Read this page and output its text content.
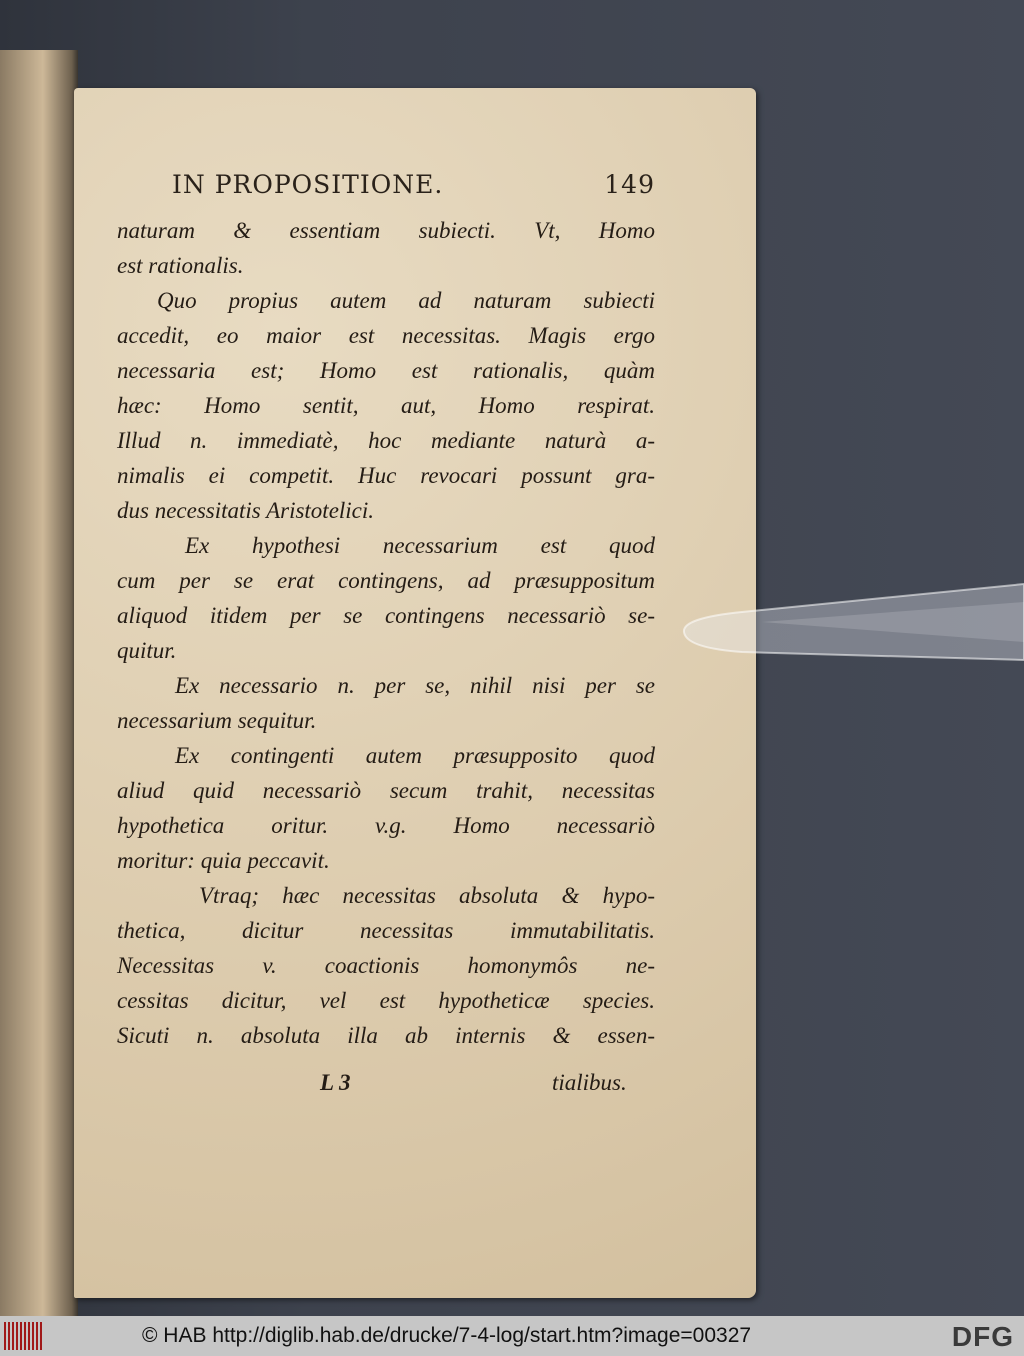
IN PROPOSITIONE.	149
naturam & essentiam subiecti. Vt, Homo
est rationalis.
Quo propius autem ad naturam subiecti
accedit, eo maior est necessitas. Magis ergo
necessaria est; Homo est rationalis, quàm
hæc: Homo sentit, aut, Homo respirat.
Illud n. immediatè, hoc mediante naturà a-
nimalis ei competit. Huc revocari possunt gra-
dus necessitatis Aristotelici.
Ex hypothesi necessarium est quod
cum per se erat contingens, ad præsuppositum
aliquod itidem per se contingens necessariò se-
quitur.
Ex necessario n. per se, nihil nisi per se
necessarium sequitur.
Ex contingenti autem præsupposito quod
aliud quid necessariò secum trahit, necessitas
hypothetica oritur. v.g. Homo necessariò
moritur: quia peccavit.
Vtraq; hæc necessitas absoluta & hypo-
thetica, dicitur necessitas immutabilitatis.
Necessitas v. coactionis homonymôs ne-
cessitas dicitur, vel est hypotheticæ species.
Sicuti n. absoluta illa ab internis & essen-
L 3	tialibus.
© HAB http://diglib.hab.de/drucke/7-4-log/start.htm?image=00327	DFG
